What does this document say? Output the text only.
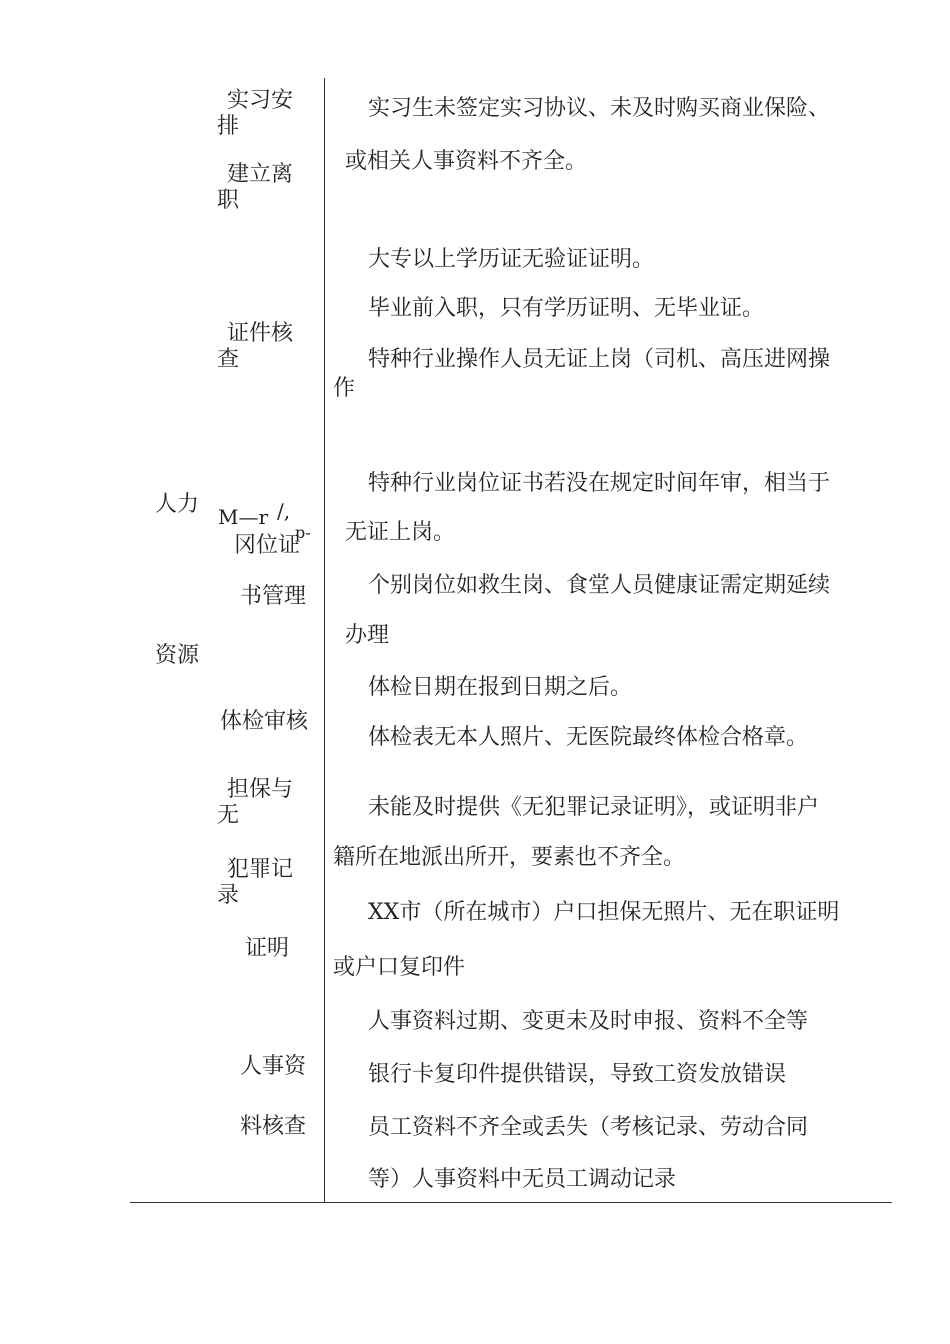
人力
资源
实习安
排
建立离
职
证件核
查
M—r ∕,
p-
冈位证
书管理
体检审核
担保与
无
犯罪记
录
证明
人事资
料核查
实习生未签定实习协议、未及时购买商业保险、
或相关人事资料不齐全。
大专以上学历证无验证证明。
毕业前入职，只有学历证明、无毕业证。
特种行业操作人员无证上岗（司机、高压进网操
作
特种行业岗位证书若没在规定时间年审，相当于
无证上岗。
个别岗位如救生岗、食堂人员健康证需定期延续
办理
体检日期在报到日期之后。
体检表无本人照片、无医院最终体检合格章。
未能及时提供《无犯罪记录证明》，或证明非户
籍所在地派出所开，要素也不齐全。
XX市（所在城市）户口担保无照片、无在职证明
或户口复印件
人事资料过期、变更未及时申报、资料不全等
银行卡复印件提供错误，导致工资发放错误
员工资料不齐全或丢失（考核记录、劳动合同
等）人事资料中无员工调动记录
